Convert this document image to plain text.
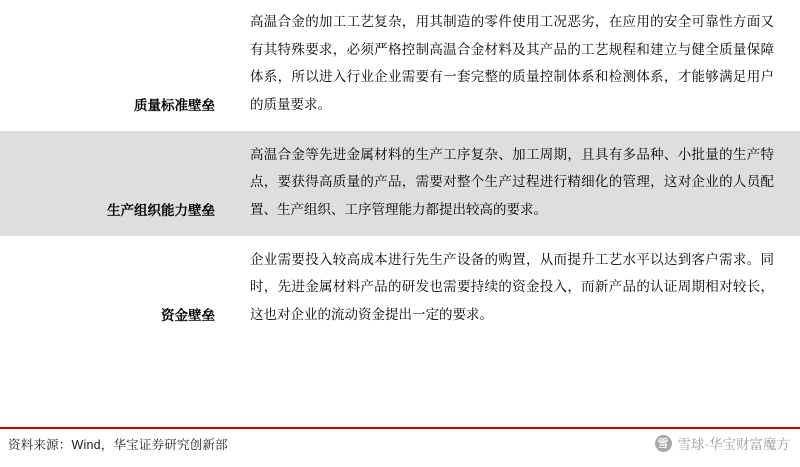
质量标准壁垒	高温合金的加工工艺复杂，用其制造的零件使用工况恶劣，在应用的安全可靠性方面又有其特殊要求，必须严格控制高温合金材料及其产品的工艺规程和建立与健全质量保障体系，所以进入行业企业需要有一套完整的质量控制体系和检测体系，才能够满足用户的质量要求。
生产组织能力壁垒	高温合金等先进金属材料的生产工序复杂、加工周期，且具有多品种、小批量的生产特点，要获得高质量的产品，需要对整个生产过程进行精细化的管理，这对企业的人员配置、生产组织、工序管理能力都提出较高的要求。
资金壁垒	企业需要投入较高成本进行先生产设备的购置，从而提升工艺水平以达到客户需求。同时，先进金属材料产品的研发也需要持续的资金投入，而新产品的认证周期相对较长，这也对企业的流动资金提出一定的要求。
资料来源：Wind，华宝证券研究创新部	雪 雪球·华宝财富魔方
